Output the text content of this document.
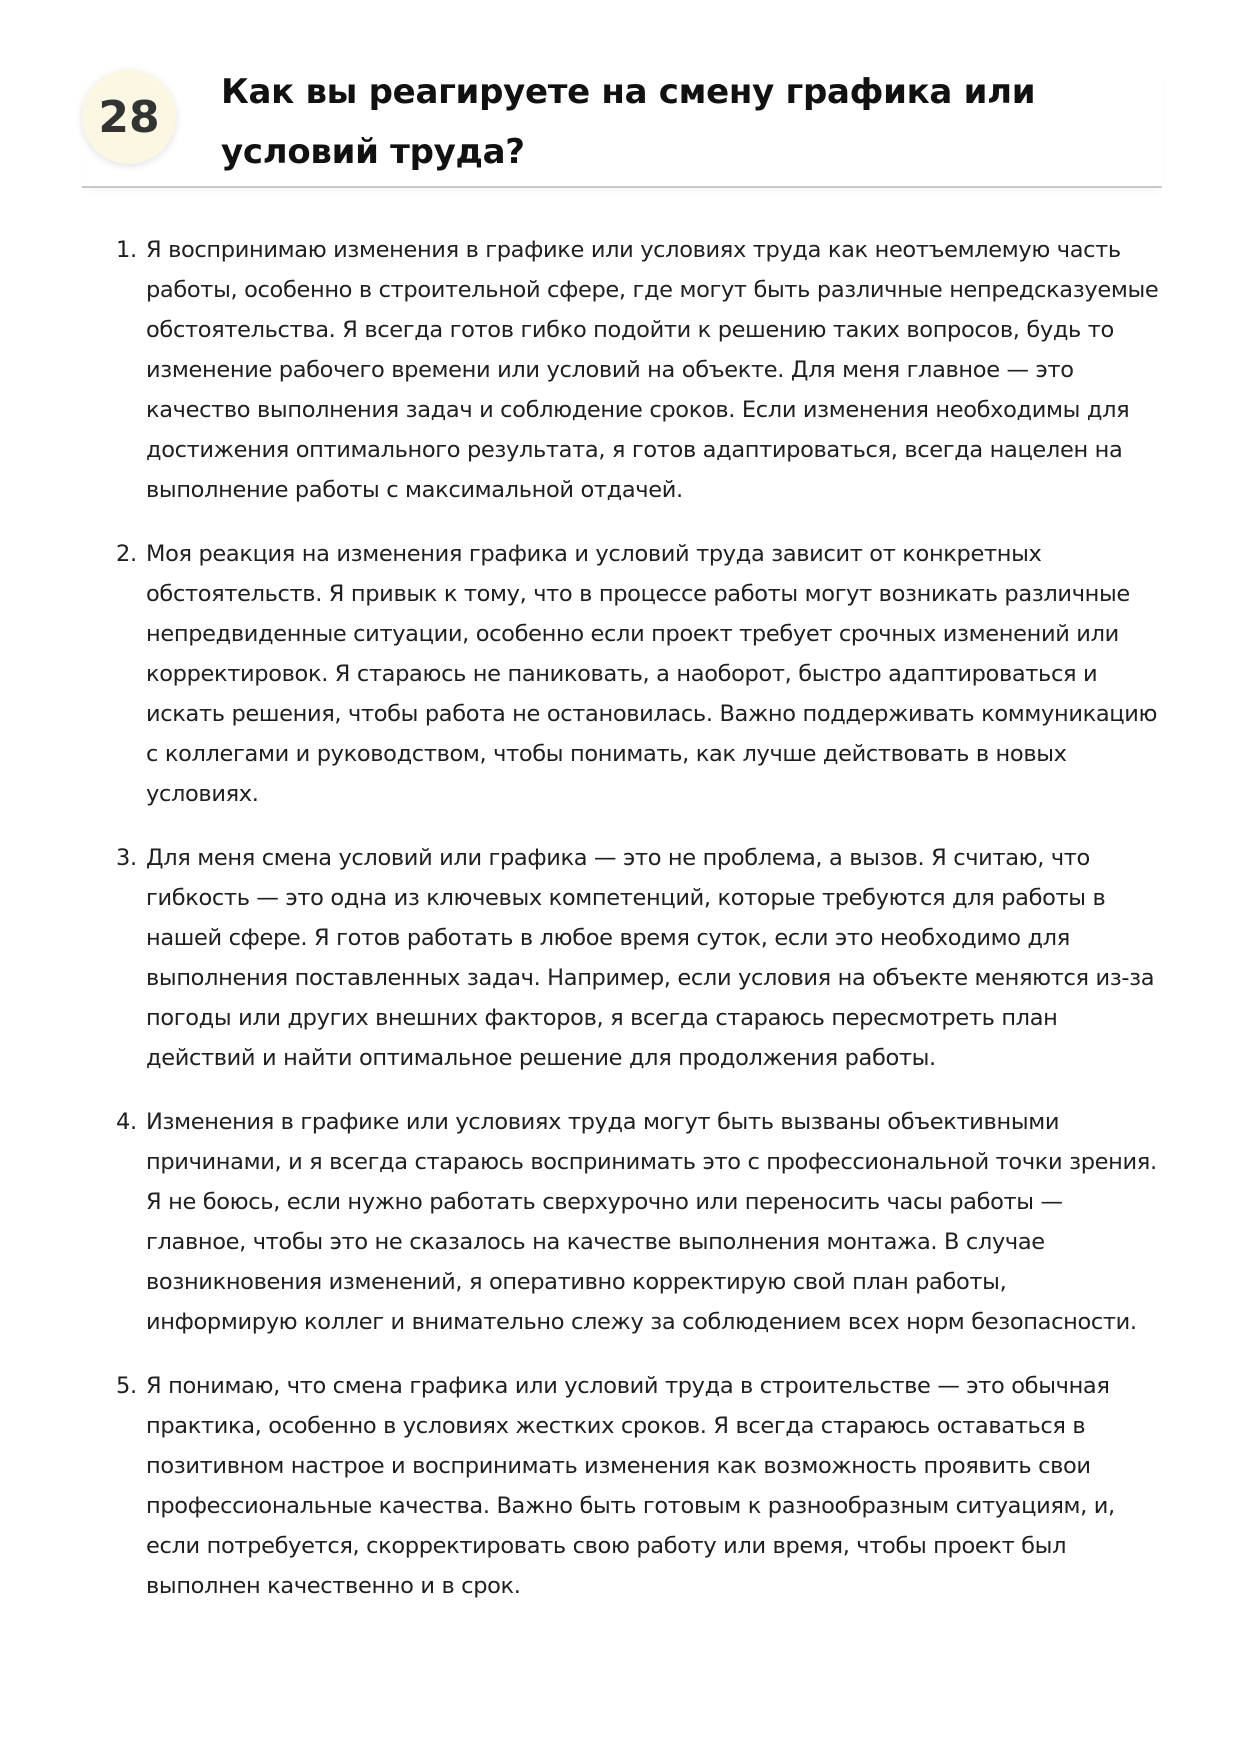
28	Как вы реагируете на смену графика или условий труда?
1. Я воспринимаю изменения в графике или условиях труда как неотъемлемую часть работы, особенно в строительной сфере, где могут быть различные непредсказуемые обстоятельства. Я всегда готов гибко подойти к решению таких вопросов, будь то изменение рабочего времени или условий на объекте. Для меня главное — это качество выполнения задач и соблюдение сроков. Если изменения необходимы для достижения оптимального результата, я готов адаптироваться, всегда нацелен на выполнение работы с максимальной отдачей.
2. Моя реакция на изменения графика и условий труда зависит от конкретных обстоятельств. Я привык к тому, что в процессе работы могут возникать различные непредвиденные ситуации, особенно если проект требует срочных изменений или корректировок. Я стараюсь не паниковать, а наоборот, быстро адаптироваться и искать решения, чтобы работа не остановилась. Важно поддерживать коммуникацию с коллегами и руководством, чтобы понимать, как лучше действовать в новых условиях.
3. Для меня смена условий или графика — это не проблема, а вызов. Я считаю, что гибкость — это одна из ключевых компетенций, которые требуются для работы в нашей сфере. Я готов работать в любое время суток, если это необходимо для выполнения поставленных задач. Например, если условия на объекте меняются из-за погоды или других внешних факторов, я всегда стараюсь пересмотреть план действий и найти оптимальное решение для продолжения работы.
4. Изменения в графике или условиях труда могут быть вызваны объективными причинами, и я всегда стараюсь воспринимать это с профессиональной точки зрения. Я не боюсь, если нужно работать сверхурочно или переносить часы работы — главное, чтобы это не сказалось на качестве выполнения монтажа. В случае возникновения изменений, я оперативно корректирую свой план работы, информирую коллег и внимательно слежу за соблюдением всех норм безопасности.
5. Я понимаю, что смена графика или условий труда в строительстве — это обычная практика, особенно в условиях жестких сроков. Я всегда стараюсь оставаться в позитивном настрое и воспринимать изменения как возможность проявить свои профессиональные качества. Важно быть готовым к разнообразным ситуациям, и, если потребуется, скорректировать свою работу или время, чтобы проект был выполнен качественно и в срок.
